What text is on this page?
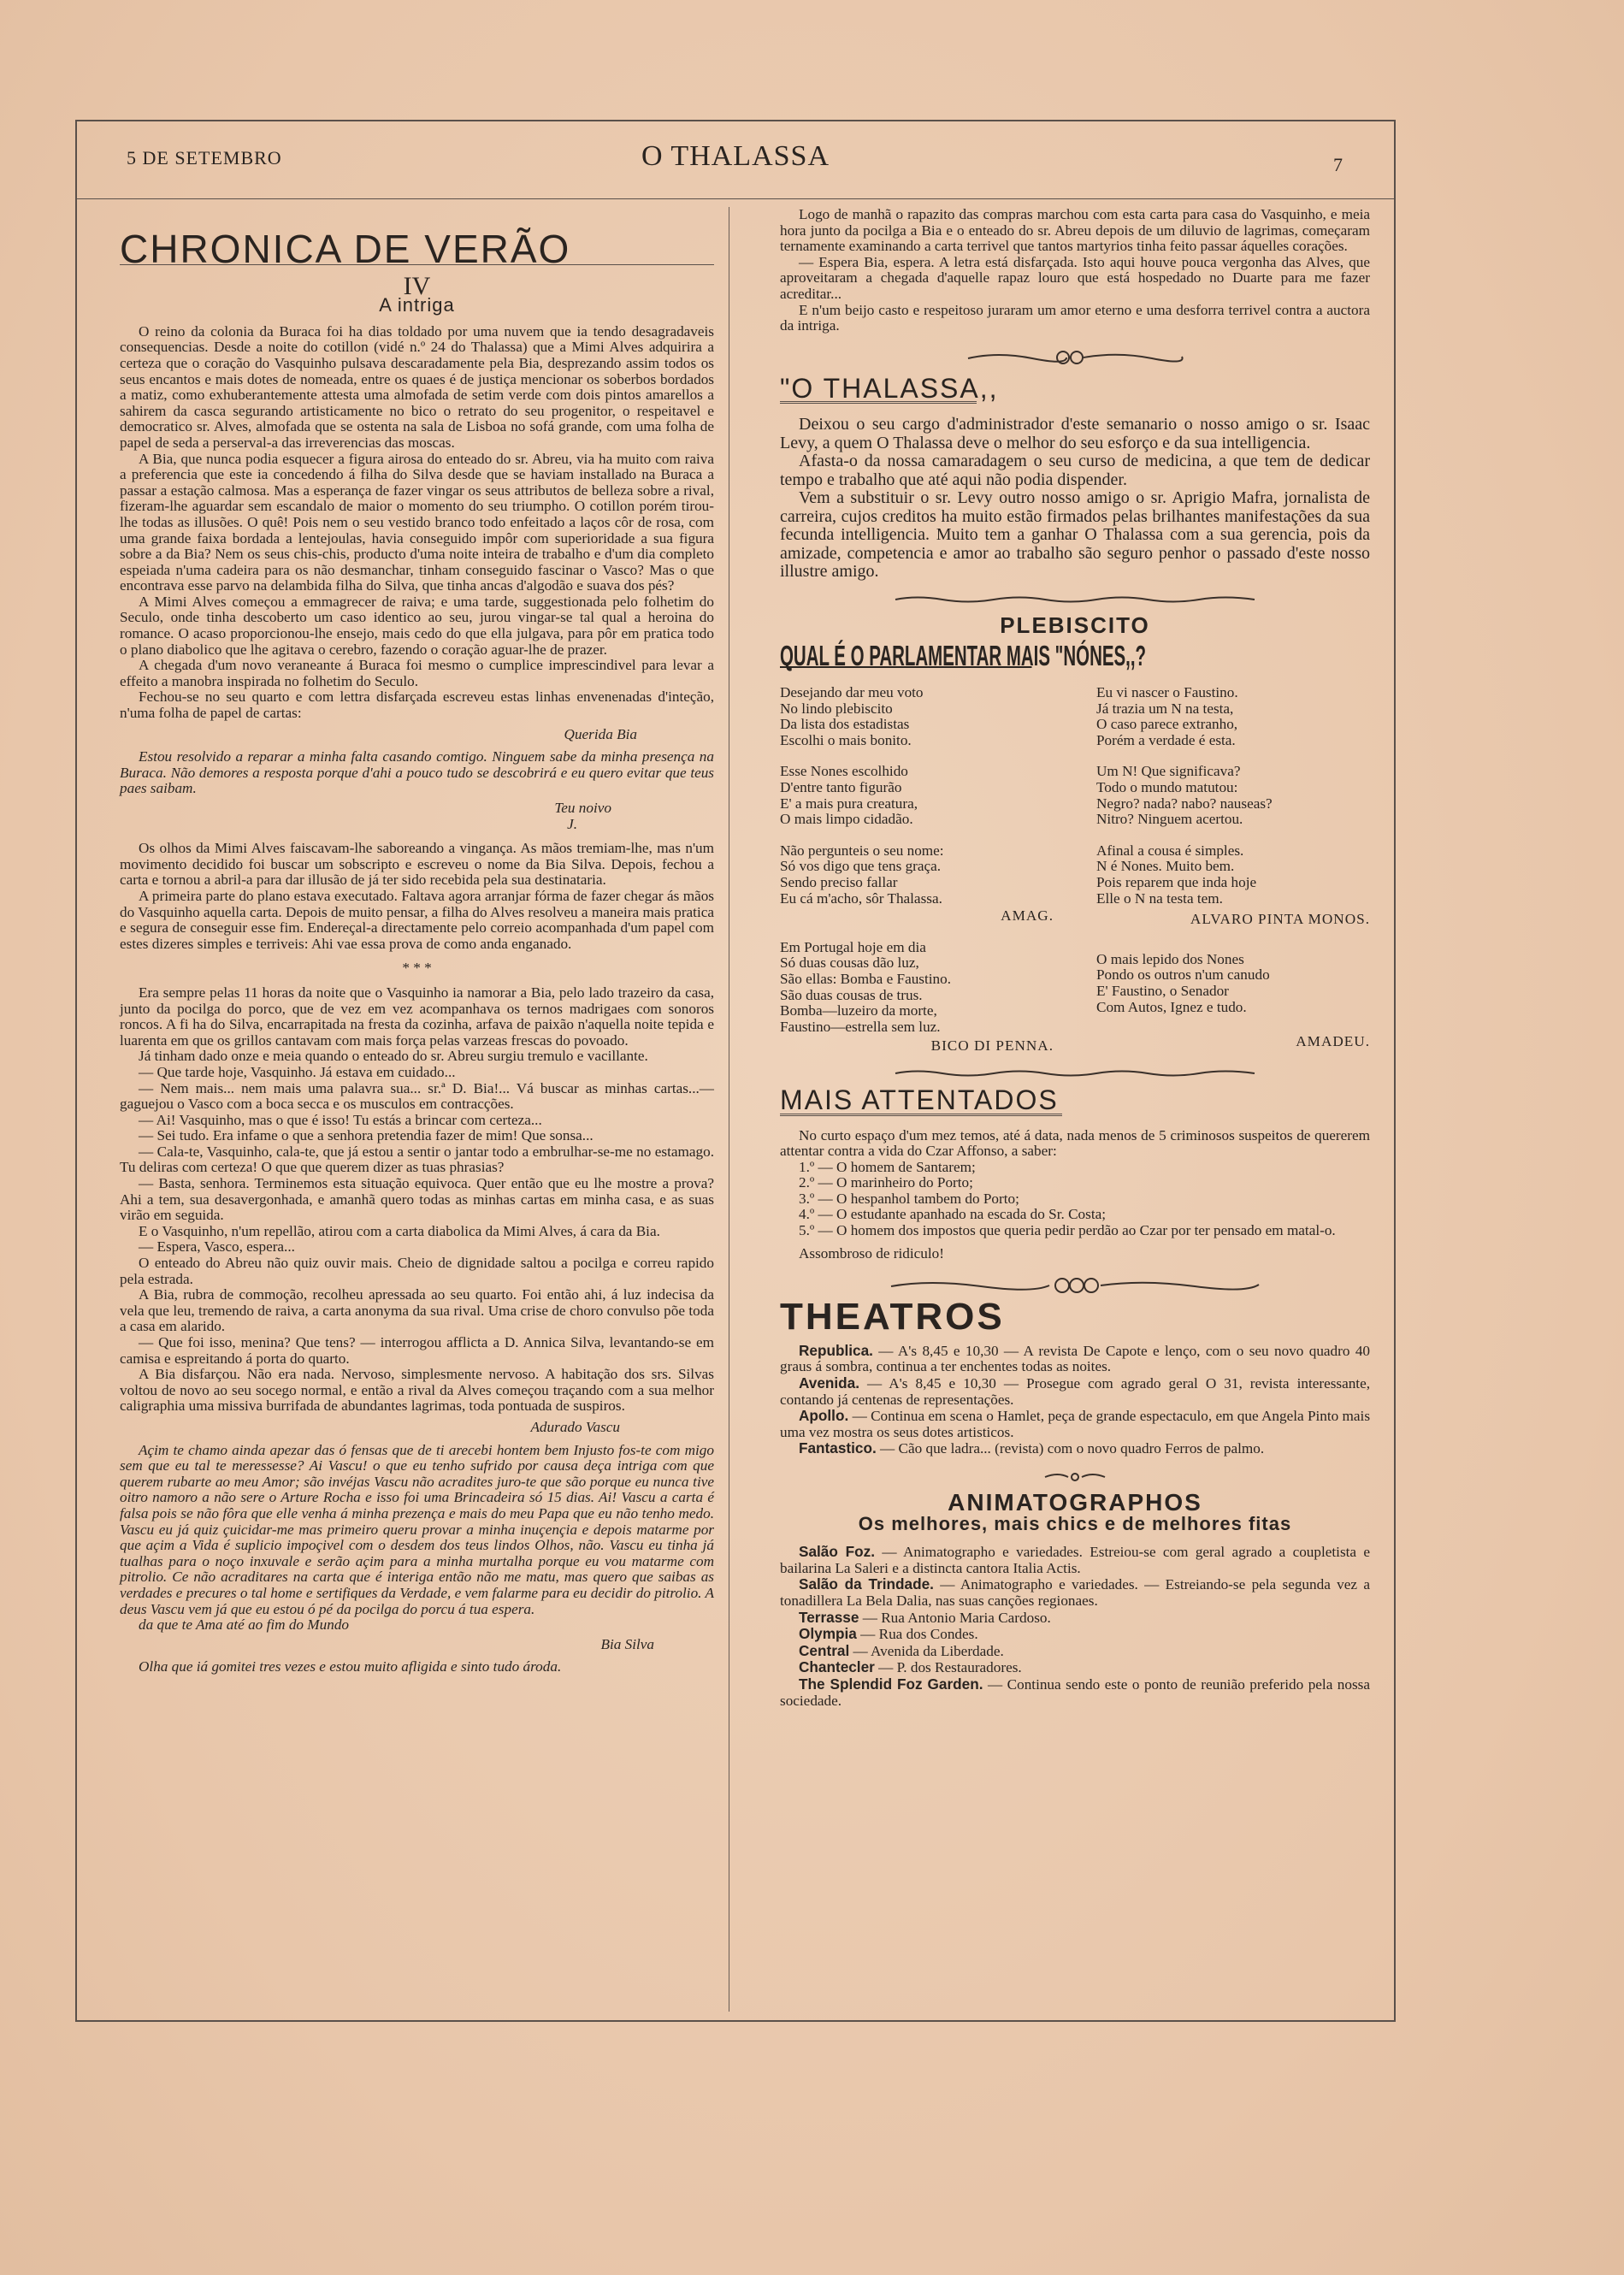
5 DE SETEMBRO	O THALASSA	7
CHRONICA DE VERÃO
IV
A intriga

O reino da colonia da Buraca foi ha dias toldado por uma nuvem que ia tendo desagradaveis consequencias. Desde a noite do cotillon (vidé n.º 24 do Thalassa) que a Mimi Alves adquirira a certeza que o coração do Vasquinho pulsava descaradamente pela Bia, desprezando assim todos os seus encantos e mais dotes de nomeada, entre os quaes é de justiça mencionar os soberbos bordados a matiz, como exhuberantemente attesta uma almofada de setim verde com dois pintos amarellos a sahirem da casca segurando artisticamente no bico o retrato do seu progenitor, o respeitavel e democratico sr. Alves, almofada que se ostenta na sala de Lisboa no sofá grande, com uma folha de papel de seda a perserval-a das irreverencias das moscas.

A Bia, que nunca podia esquecer a figura airosa do enteado do sr. Abreu, via ha muito com raiva a preferencia que este ia concedendo á filha do Silva desde que se haviam installado na Buraca a passar a estação calmosa. Mas a esperança de fazer vingar os seus attributos de belleza sobre a rival, fizeram-lhe aguardar sem escandalo de maior o momento do seu triumpho. O cotillon porém tirou-lhe todas as illusões. O quê! Pois nem o seu vestido branco todo enfeitado a laços côr de rosa, com uma grande faixa bordada a lentejoulas, havia conseguido impôr com superioridade a sua figura sobre a da Bia? Nem os seus chis-chis, producto d'uma noite inteira de trabalho e d'um dia completo espeiada n'uma cadeira para os não desmanchar, tinham conseguido fascinar o Vasco? Mas o que encontrava esse parvo na delambida filha do Silva, que tinha ancas d'algodão e suava dos pés?

A Mimi Alves começou a emmagrecer de raiva; e uma tarde, suggestionada pelo folhetim do Seculo, onde tinha descoberto um caso identico ao seu, jurou vingar-se tal qual a heroina do romance. O acaso proporcionou-lhe ensejo, mais cedo do que ella julgava, para pôr em pratica todo o plano diabolico que lhe agitava o cerebro, fazendo o coração aguar-lhe de prazer.

A chegada d'um novo veraneante á Buraca foi mesmo o cumplice imprescindivel para levar a effeito a manobra inspirada no folhetim do Seculo.

Fechou-se no seu quarto e com lettra disfarçada escreveu estas linhas envenenadas d'inteção, n'uma folha de papel de cartas:

Querida Bia

Estou resolvido a reparar a minha falta casando comtigo. Ninguem sabe da minha presença na Buraca. Não demores a resposta porque d'ahi a pouco tudo se descobrirá e eu quero evitar que teus paes saibam.

Teu noivo
J.

Os olhos da Mimi Alves faiscavam-lhe saboreando a vingança. As mãos tremiam-lhe, mas n'um movimento decidido foi buscar um sobscripto e escreveu o nome da Bia Silva. Depois, fechou a carta e tornou a abril-a para dar illusão de já ter sido recebida pela sua destinataria.

A primeira parte do plano estava executado. Faltava agora arranjar fórma de fazer chegar ás mãos do Vasquinho aquella carta. Depois de muito pensar, a filha do Alves resolveu a maneira mais pratica e segura de conseguir esse fim. Endereçal-a directamente pelo correio acompanhada d'um papel com estes dizeres simples e terriveis: Ahi vae essa prova de como anda enganado.

* * *

Era sempre pelas 11 horas da noite que o Vasquinho ia namorar a Bia, pelo lado trazeiro da casa, junto da pocilga do porco, que de vez em vez acompanhava os ternos madrigaes com sonoros roncos. A fi ha do Silva, encarrapitada na fresta da cozinha, arfava de paixão n'aquella noite tepida e luarenta em que os grillos cantavam com mais força pelas varzeas frescas do povoado.

Já tinham dado onze e meia quando o enteado do sr. Abreu surgiu tremulo e vacillante.

— Que tarde hoje, Vasquinho. Já estava em cuidado...

— Nem mais... nem mais uma palavra sua... sr.ª D. Bia!... Vá buscar as minhas cartas...— gaguejou o Vasco com a boca secca e os musculos em contracções.

— Ai! Vasquinho, mas o que é isso! Tu estás a brincar com certeza...

— Sei tudo. Era infame o que a senhora pretendia fazer de mim! Que sonsa...

— Cala-te, Vasquinho, cala-te, que já estou a sentir o jantar todo a embrulhar-se-me no estamago. Tu deliras com certeza! O que que querem dizer as tuas phrasias?

— Basta, senhora. Terminemos esta situação equivoca. Quer então que eu lhe mostre a prova? Ahi a tem, sua desavergonhada, e amanhã quero todas as minhas cartas em minha casa, e as suas virão em seguida.

E o Vasquinho, n'um repellão, atirou com a carta diabolica da Mimi Alves, á cara da Bia.

— Espera, Vasco, espera...

O enteado do Abreu não quiz ouvir mais. Cheio de dignidade saltou a pocilga e correu rapido pela estrada.

A Bia, rubra de commoção, recolheu apressada ao seu quarto. Foi então ahi, á luz indecisa da vela que leu, tremendo de raiva, a carta anonyma da sua rival. Uma crise de choro convulso põe toda a casa em alarido.

— Que foi isso, menina? Que tens? — interrogou afflicta a D. Annica Silva, levantando-se em camisa e espreitando á porta do quarto.

A Bia disfarçou. Não era nada. Nervoso, simplesmente nervoso. A habitação dos srs. Silvas voltou de novo ao seu socego normal, e então a rival da Alves começou traçando com a sua melhor caligraphia uma missiva burrifada de abundantes lagrimas, toda pontuada de suspiros.

Adurado Vascu

Açim te chamo ainda apezar das ó fensas que de ti arecebi hontem bem Injusto fos-te com migo sem que eu tal te meressesse? Ai Vascu! o que eu tenho sufrido por causa deça intriga com que querem rubarte ao meu Amor; são invéjas Vascu não acradites juro-te que são porque eu nunca tive oitro namoro a não sere o Arture Rocha e isso foi uma Brincadeira só 15 dias. Ai! Vascu a carta é falsa pois se não fôra que elle venha á minha prezença e mais do meu Papa que eu não tenho medo. Vascu eu já quiz çuicidar-me mas primeiro queru provar a minha inuçençia e depois matarme por que açim a Vida é suplicio impoçivel com o desdem dos teus lindos Olhos, não. Vascu eu tinha já tualhas para o noço inxuvale e serão açim para a minha murtalha porque eu vou matarme com pitrolio. Ce não acraditares na carta que é interiga então não me matu, mas quero que saibas as verdades e precures o tal home e sertifiques da Verdade, e vem falarme para eu decidir do pitrolio. A deus Vascu vem já que eu estou ó pé da pocilga do porcu á tua espera.

da que te Ama até ao fim do Mundo

Bia Silva

Olha que iá gomitei tres vezes e estou muito afligida e sinto tudo ároda.

Logo de manhã o rapazito das compras marchou com esta carta para casa do Vasquinho, e meia hora junto da pocilga a Bia e o enteado do sr. Abreu depois de um diluvio de lagrimas, começaram ternamente examinando a carta terrivel que tantos martyrios tinha feito passar áquelles corações.

— Espera Bia, espera. A letra está disfarçada. Isto aqui houve pouca vergonha das Alves, que aproveitaram a chegada d'aquelle rapaz louro que está hospedado no Duarte para me fazer acreditar...

E n'um beijo casto e respeitoso juraram um amor eterno e uma desforra terrivel contra a auctora da intriga.

"O THALASSA,,

Deixou o seu cargo d'administrador d'este semanario o nosso amigo o sr. Isaac Levy, a quem O Thalassa deve o melhor do seu esforço e da sua intelligencia.

Afasta-o da nossa camaradagem o seu curso de medicina, a que tem de dedicar tempo e trabalho que até aqui não podia dispender.

Vem a substituir o sr. Levy outro nosso amigo o sr. Aprigio Mafra, jornalista de carreira, cujos creditos ha muito estão firmados pelas brilhantes manifestações da sua fecunda intelligencia. Muito tem a ganhar O Thalassa com a sua gerencia, pois da amizade, competencia e amor ao trabalho são seguro penhor o passado d'este nosso illustre amigo.

PLEBISCITO
QUAL É O PARLAMENTAR MAIS "NÓNES,,?
Desejando dar meu voto
No lindo plebiscito
Da lista dos estadistas
Escolhi o mais bonito.
Esse Nones escolhido
D'entre tanto figurão
E' a mais pura creatura,
O mais limpo cidadão.
Não pergunteis o seu nome:
Só vos digo que tens graça.
Sendo preciso fallar
Eu cá m'acho, sôr Thalassa.
AMAG.
Em Portugal hoje em dia
Só duas cousas dão luz,
São ellas: Bomba e Faustino.
São duas cousas de trus.
Bomba—luzeiro da morte,
Faustino—estrella sem luz.
BICO DI PENNA.
Eu vi nascer o Faustino.
Já trazia um N na testa,
O caso parece extranho,
Porém a verdade é esta.
Um N! Que significava?
Todo o mundo matutou:
Negro? nada? nabo? nauseas?
Nitro? Ninguem acertou.
Afinal a cousa é simples.
N é Nones. Muito bem.
Pois reparem que inda hoje
Elle o N na testa tem.
ALVARO PINTA MONOS.
O mais lepido dos Nones
Pondo os outros n'um canudo
E' Faustino, o Senador
Com Autos, Ignez e tudo.
AMADEU.
MAIS ATTENTADOS

No curto espaço d'um mez temos, até á data, nada menos de 5 criminosos suspeitos de quererem attentar contra a vida do Czar Affonso, a saber:

1.º — O homem de Santarem;

2.º — O marinheiro do Porto;

3.º — O hespanhol tambem do Porto;

4.º — O estudante apanhado na escada do Sr. Costa;

5.º — O homem dos impostos que queria pedir perdão ao Czar por ter pensado em matal-o.

Assombroso de ridiculo!

THEATROS

Republica. — A's 8,45 e 10,30 — A revista De Capote e lenço, com o seu novo quadro 40 graus á sombra, continua a ter enchentes todas as noites.

Avenida. — A's 8,45 e 10,30 — Prosegue com agrado geral O 31, revista interessante, contando já centenas de representações.

Apollo. — Continua em scena o Hamlet, peça de grande espectaculo, em que Angela Pinto mais uma vez mostra os seus dotes artisticos.

Fantastico. — Cão que ladra... (revista) com o novo quadro Ferros de palmo.

ANIMATOGRAPHOS
Os melhores, mais chics e de melhores fitas

Salão Foz. — Animatographo e variedades. Estreiou-se com geral agrado a coupletista e bailarina La Saleri e a distincta cantora Italia Actis.

Salão da Trindade. — Animatographo e variedades. — Estreiando-se pela segunda vez a tonadillera La Bela Dalia, nas suas canções regionaes.

Terrasse — Rua Antonio Maria Cardoso.

Olympia — Rua dos Condes.

Central — Avenida da Liberdade.

Chantecler — P. dos Restauradores.

The Splendid Foz Garden. — Continua sendo este o ponto de reunião preferido pela nossa sociedade.
